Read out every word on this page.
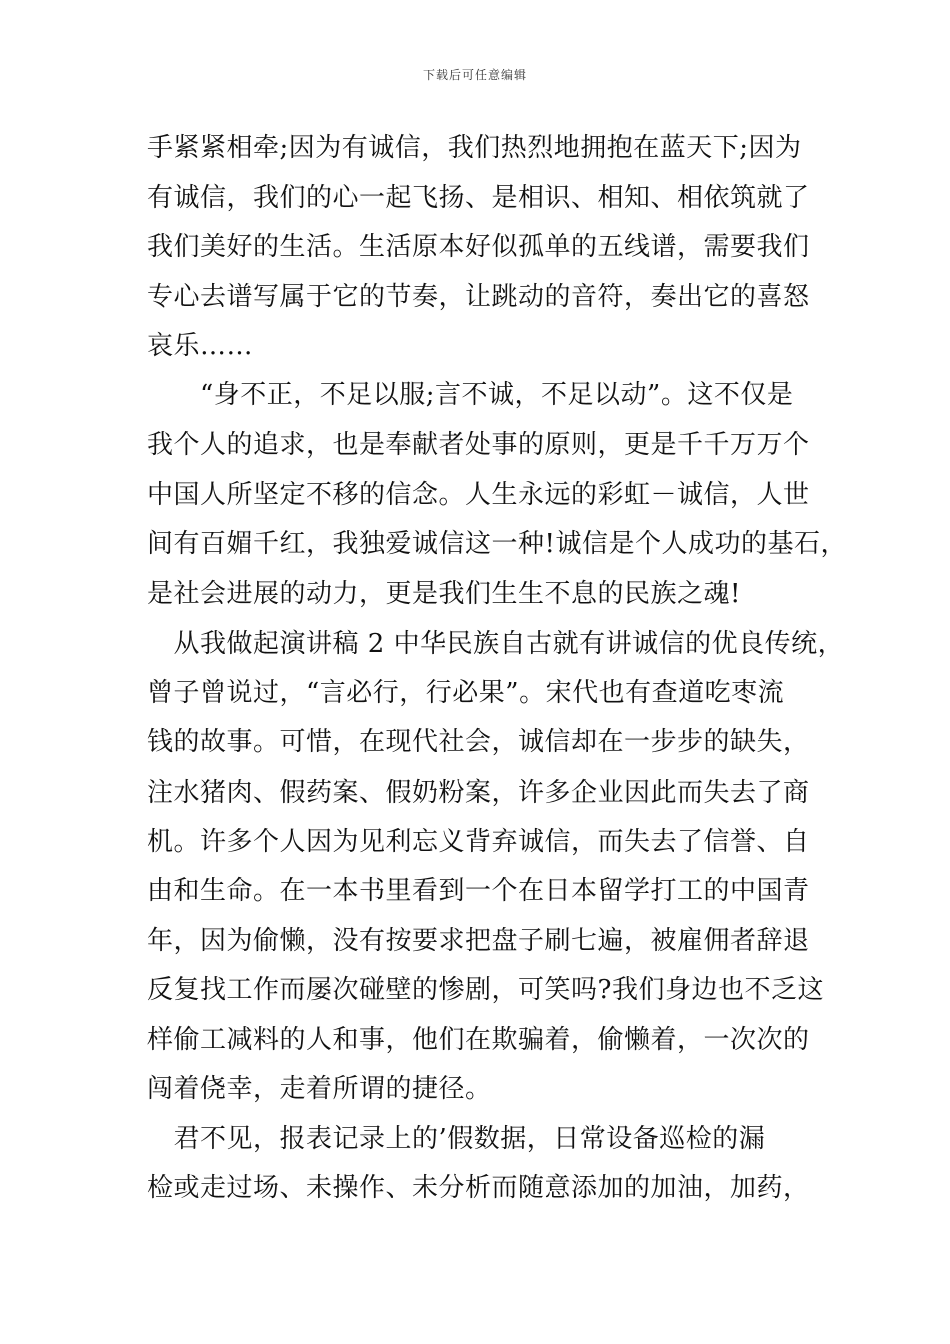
下载后可任意编辑
手紧紧相牵;因为有诚信，我们热烈地拥抱在蓝天下;因为
有诚信，我们的心一起飞扬、是相识、相知、相依筑就了
我们美好的生活。生活原本好似孤单的五线谱，需要我们
专心去谱写属于它的节奏，让跳动的音符，奏出它的喜怒
哀乐……
　　“身不正，不足以服;言不诚，不足以动”。这不仅是
我个人的追求，也是奉献者处事的原则，更是千千万万个
中国人所坚定不移的信念。人生永远的彩虹－诚信，人世
间有百媚千红，我独爱诚信这一种!诚信是个人成功的基石，
是社会进展的动力，更是我们生生不息的民族之魂!
　从我做起演讲稿 2 中华民族自古就有讲诚信的优良传统，
曾子曾说过，“言必行，行必果”。宋代也有查道吃枣流
钱的故事。可惜，在现代社会，诚信却在一步步的缺失，
注水猪肉、假药案、假奶粉案，许多企业因此而失去了商
机。许多个人因为见利忘义背弃诚信，而失去了信誉、自
由和生命。在一本书里看到一个在日本留学打工的中国青
年，因为偷懒，没有按要求把盘子刷七遍，被雇佣者辞退
反复找工作而屡次碰壁的惨剧，可笑吗?我们身边也不乏这
样偷工减料的人和事，他们在欺骗着，偷懒着，一次次的
闯着侥幸，走着所谓的捷径。
　君不见，报表记录上的’假数据，日常设备巡检的漏
检或走过场、未操作、未分析而随意添加的加油，加药，
